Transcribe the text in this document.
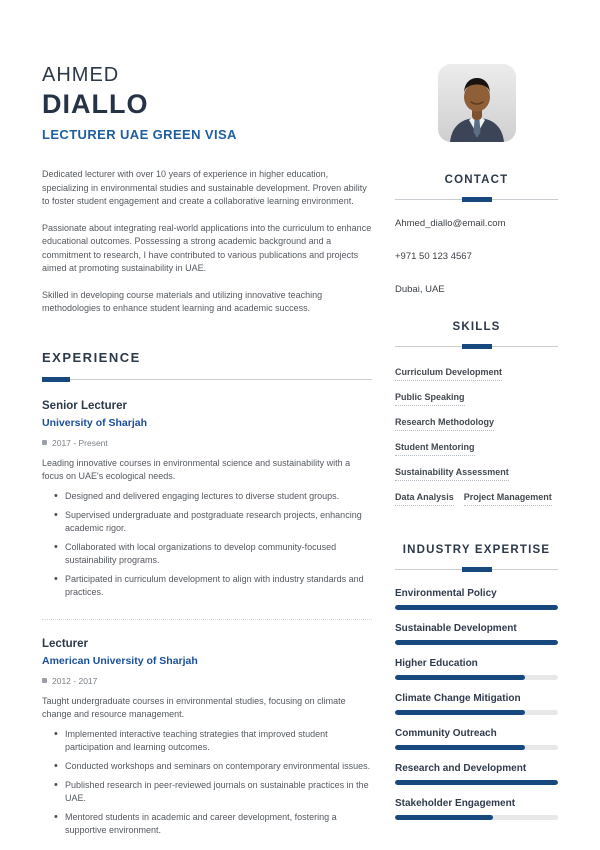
AHMED
DIALLO
LECTURER UAE GREEN VISA

Dedicated lecturer with over 10 years of experience in higher education, specializing in environmental studies and sustainable development. Proven ability to foster student engagement and create a collaborative learning environment.

Passionate about integrating real-world applications into the curriculum to enhance educational outcomes. Possessing a strong academic background and a commitment to research, I have contributed to various publications and projects aimed at promoting sustainability in UAE.

Skilled in developing course materials and utilizing innovative teaching methodologies to enhance student learning and academic success.

EXPERIENCE
Senior Lecturer
University of Sharjah
2017 - Present
Leading innovative courses in environmental science and sustainability with a focus on UAE's ecological needs.
• Designed and delivered engaging lectures to diverse student groups.
• Supervised undergraduate and postgraduate research projects, enhancing academic rigor.
• Collaborated with local organizations to develop community-focused sustainability programs.
• Participated in curriculum development to align with industry standards and practices.
Lecturer
American University of Sharjah
2012 - 2017
Taught undergraduate courses in environmental studies, focusing on climate change and resource management.
• Implemented interactive teaching strategies that improved student participation and learning outcomes.
• Conducted workshops and seminars on contemporary environmental issues.
• Published research in peer-reviewed journals on sustainable practices in the UAE.
• Mentored students in academic and career development, fostering a supportive environment.
CONTACT
Ahmed_diallo@email.com
+971 50 123 4567
Dubai, UAE
SKILLS
Curriculum Development
Public Speaking
Research Methodology
Student Mentoring
Sustainability Assessment
Data Analysis Project Management
INDUSTRY EXPERTISE
Environmental Policy
Sustainable Development
Higher Education
Climate Change Mitigation
Community Outreach
Research and Development
Stakeholder Engagement
